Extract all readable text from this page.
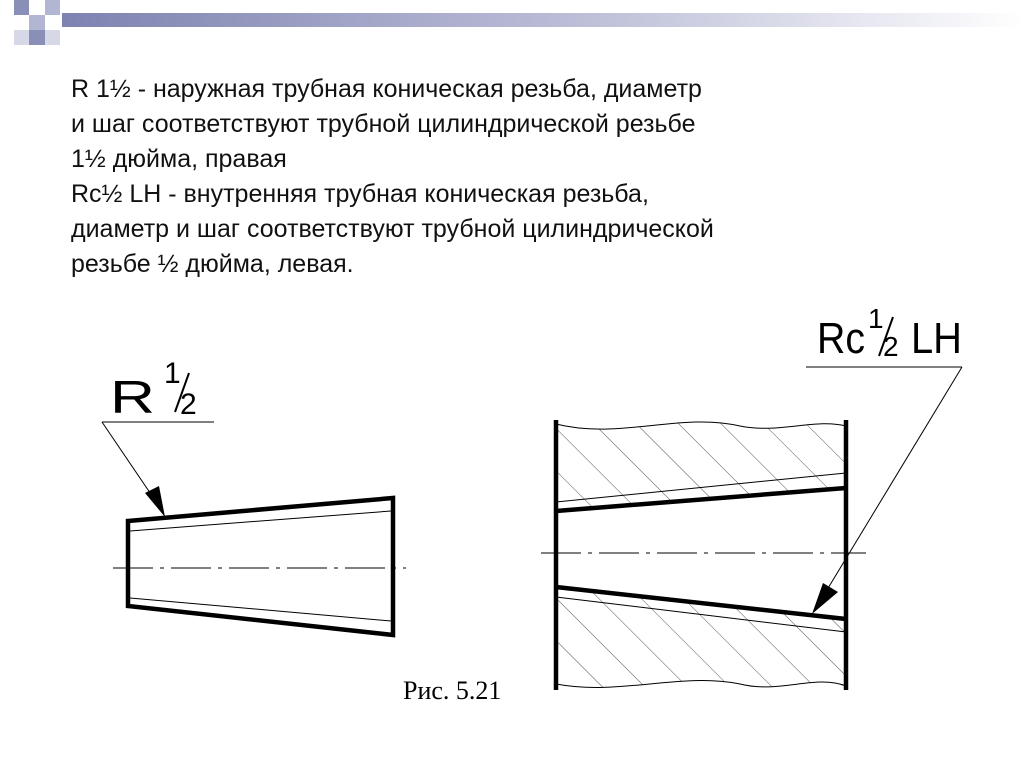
R 1½ - наружная трубная коническая резьба, диаметр
и шаг соответствуют трубной цилиндрической резьбе
1½ дюйма, правая
Rc½ LH - внутренняя трубная коническая резьба,
диаметр и шаг соответствуют трубной цилиндрической
резьбе ½ дюйма, левая.
R 1
2
Rc 1
2 LH
Рис. 5.21
